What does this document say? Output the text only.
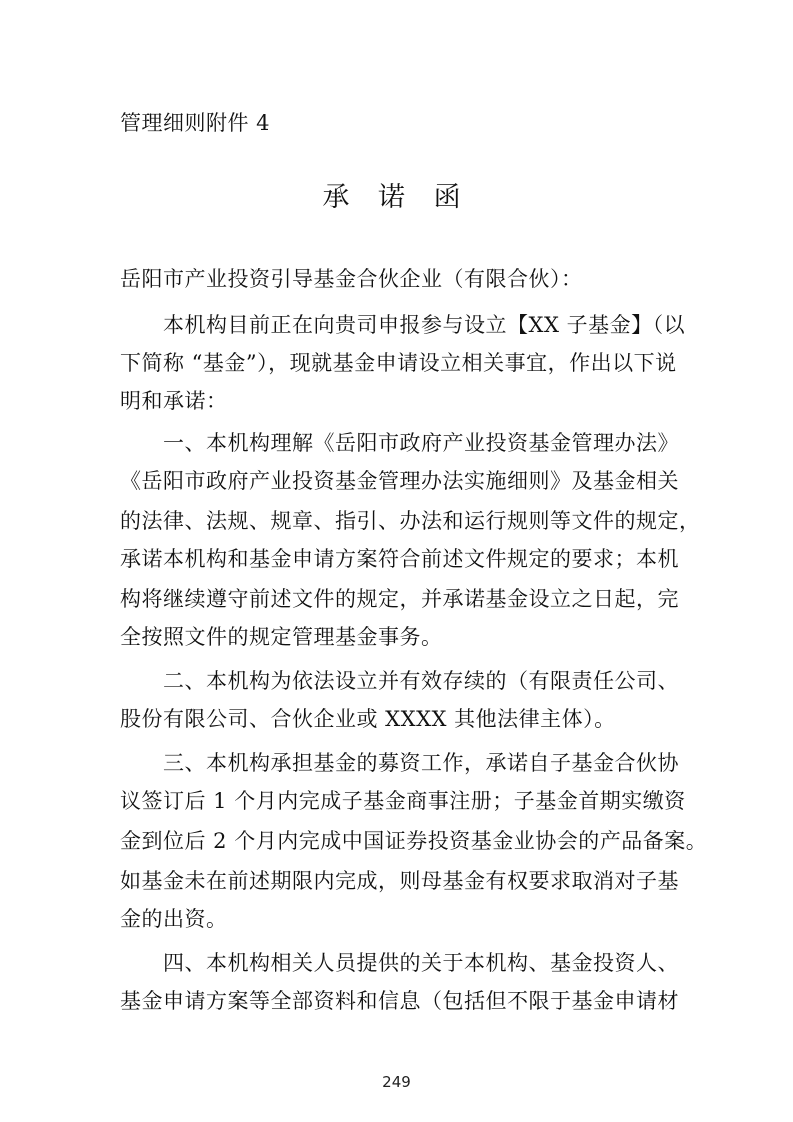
管理细则附件 4
承 诺 函
岳阳市产业投资引导基金合伙企业（有限合伙）：
本机构目前正在向贵司申报参与设立【XX 子基金】（以
下简称 “基金”），现就基金申请设立相关事宜，作出以下说
明和承诺：
一、本机构理解《岳阳市政府产业投资基金管理办法》
《岳阳市政府产业投资基金管理办法实施细则》及基金相关
的法律、法规、规章、指引、办法和运行规则等文件的规定，
承诺本机构和基金申请方案符合前述文件规定的要求；本机
构将继续遵守前述文件的规定，并承诺基金设立之日起，完
全按照文件的规定管理基金事务。
二、本机构为依法设立并有效存续的（有限责任公司、
股份有限公司、合伙企业或 XXXX 其他法律主体）。
三、本机构承担基金的募资工作，承诺自子基金合伙协
议签订后 1 个月内完成子基金商事注册；子基金首期实缴资
金到位后 2 个月内完成中国证券投资基金业协会的产品备案。
如基金未在前述期限内完成，则母基金有权要求取消对子基
金的出资。
四、本机构相关人员提供的关于本机构、基金投资人、
基金申请方案等全部资料和信息（包括但不限于基金申请材
249
